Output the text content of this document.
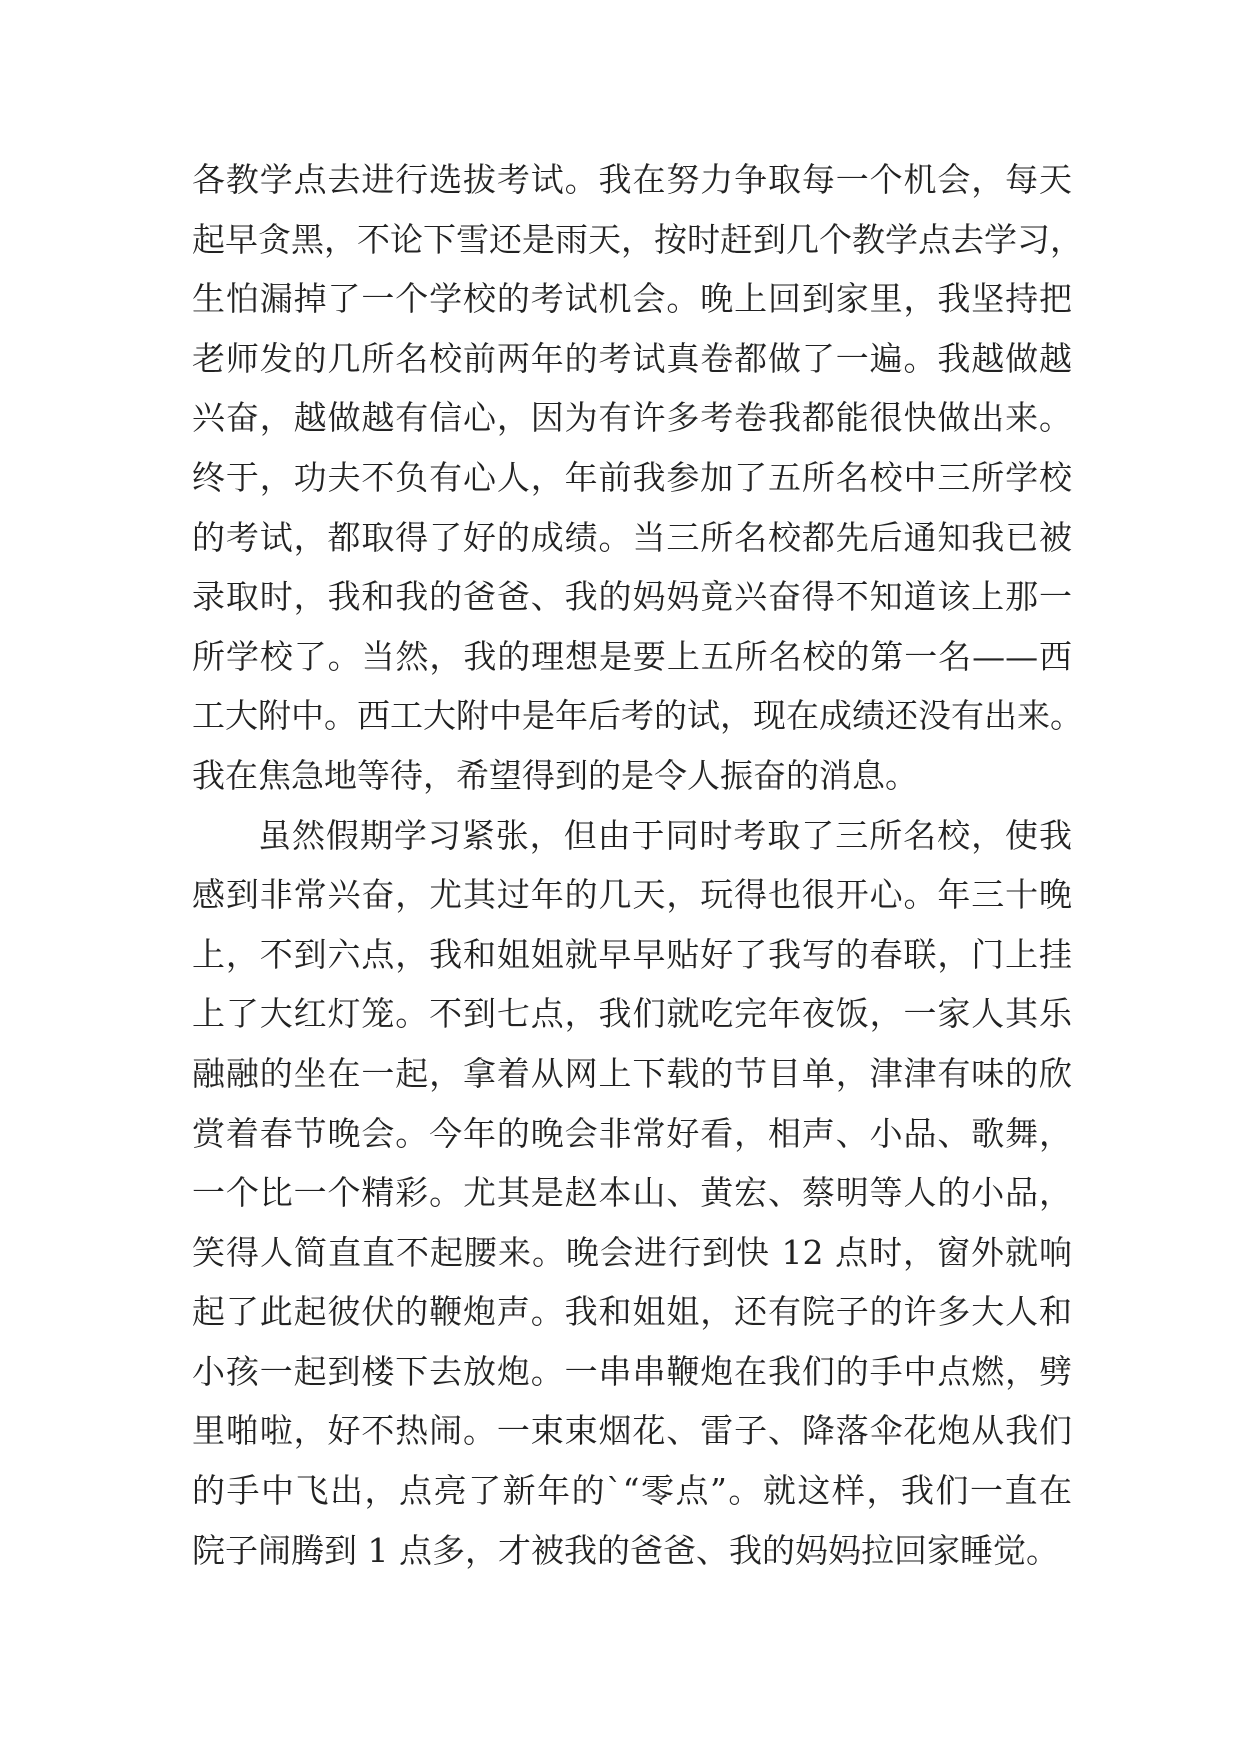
各教学点去进行选拔考试。我在努力争取每一个机会，每天
起早贪黑，不论下雪还是雨天，按时赶到几个教学点去学习，
生怕漏掉了一个学校的考试机会。晚上回到家里，我坚持把
老师发的几所名校前两年的考试真卷都做了一遍。我越做越
兴奋，越做越有信心，因为有许多考卷我都能很快做出来。
终于，功夫不负有心人，年前我参加了五所名校中三所学校
的考试，都取得了好的成绩。当三所名校都先后通知我已被
录取时，我和我的爸爸、我的妈妈竟兴奋得不知道该上那一
所学校了。当然，我的理想是要上五所名校的第一名——西
工大附中。西工大附中是年后考的试，现在成绩还没有出来。
我在焦急地等待，希望得到的是令人振奋的消息。
虽然假期学习紧张，但由于同时考取了三所名校，使我
感到非常兴奋，尤其过年的几天，玩得也很开心。年三十晚
上，不到六点，我和姐姐就早早贴好了我写的春联，门上挂
上了大红灯笼。不到七点，我们就吃完年夜饭，一家人其乐
融融的坐在一起，拿着从网上下载的节目单，津津有味的欣
赏着春节晚会。今年的晚会非常好看，相声、小品、歌舞，
一个比一个精彩。尤其是赵本山、黄宏、蔡明等人的小品，
笑得人简直直不起腰来。晚会进行到快 12 点时，窗外就响
起了此起彼伏的鞭炮声。我和姐姐，还有院子的许多大人和
小孩一起到楼下去放炮。一串串鞭炮在我们的手中点燃，劈
里啪啦，好不热闹。一束束烟花、雷子、降落伞花炮从我们
的手中飞出，点亮了新年的`“零点”。就这样，我们一直在
院子闹腾到 1 点多，才被我的爸爸、我的妈妈拉回家睡觉。
